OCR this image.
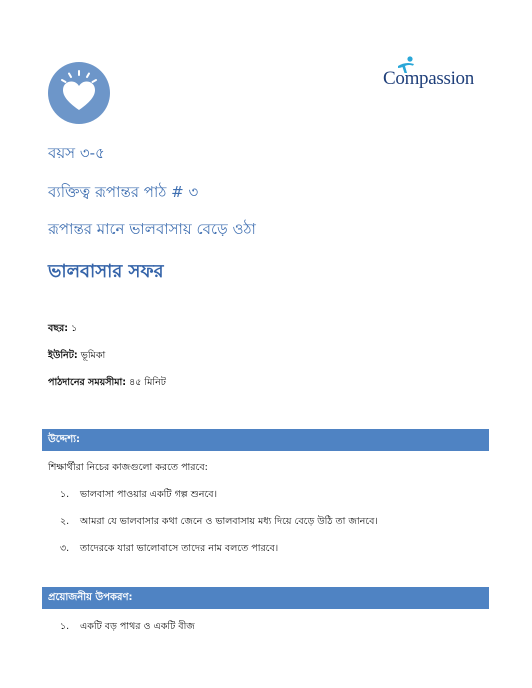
Compassion
বয়স ৩-৫
ব্যক্তিত্ব রূপান্তর পাঠ # ৩
রূপান্তর মানে ভালবাসায় বেড়ে ওঠা
ভালবাসার সফর
বছর: ১
ইউনিট: ভূমিকা
পাঠদানের সময়সীমা: ৪৫ মিনিট
উদ্দেশ্য:
শিক্ষার্থীরা নিচের কাজগুলো করতে পারবে:
১. ভালবাসা পাওয়ার একটি গল্প শুনবে।
২. আমরা যে ভালবাসার কথা জেনে ও ভালবাসায় মধ্য দিয়ে বেড়ে উঠি তা জানবে।
৩. তাদেরকে যারা ভালোবাসে তাদের নাম বলতে পারবে।
প্রয়োজনীয় উপকরণ:
১. একটি বড় পাথর ও একটি বীজ
